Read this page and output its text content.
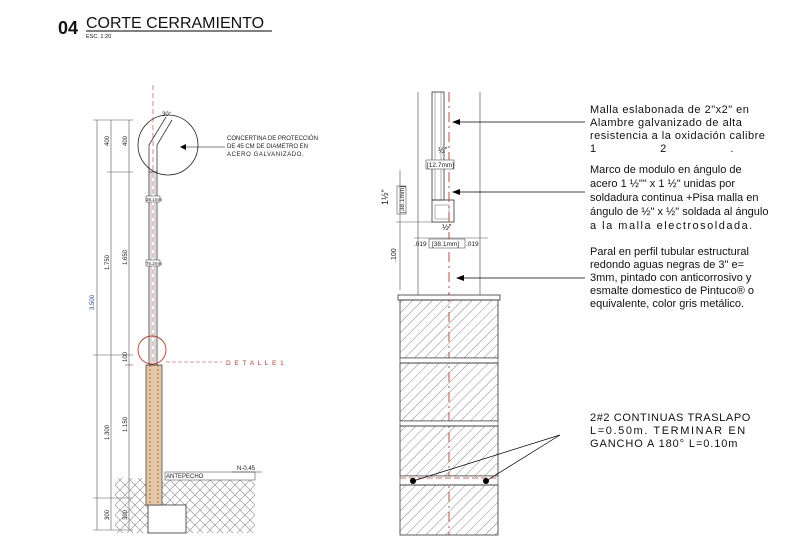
04 CORTE CERRAMIENTO
ESC. 1:20
3.500
400
1.750
1.300
300
400
1.650
100
1.150
ANTEPECHO
N-0.45
38.1mm
76.2mm
30°
CONCERTINA DE PROTECCIÓN
DE 45 CM DE DIAMETRO EN
ACERO GALVANIZADO.
D E T A L L E 1
½"
[12.7mm]
1½" [38.1mm]
.100
½"
.019 [38.1mm] .019
Malla eslabonada de 2"x2" en
Alambre galvanizado de alta
resistencia a la oxidación calibre
1 2 .
Marco de modulo en ángulo de
acero 1 ½"" x 1 ½" unidas por
soldadura continua +Pisa malla en
ángulo de ½" x ½" soldada al ángulo
a la malla electrosoldada.
Paral en perfil tubular estructural
redondo aguas negras de 3" e=
3mm, pintado con anticorrosivo y
esmalte domestico de Pintuco® o
equivalente, color gris metálico.
2#2 CONTINUAS TRASLAPO
L=0.50m. TERMINAR EN
GANCHO A 180° L=0.10m
